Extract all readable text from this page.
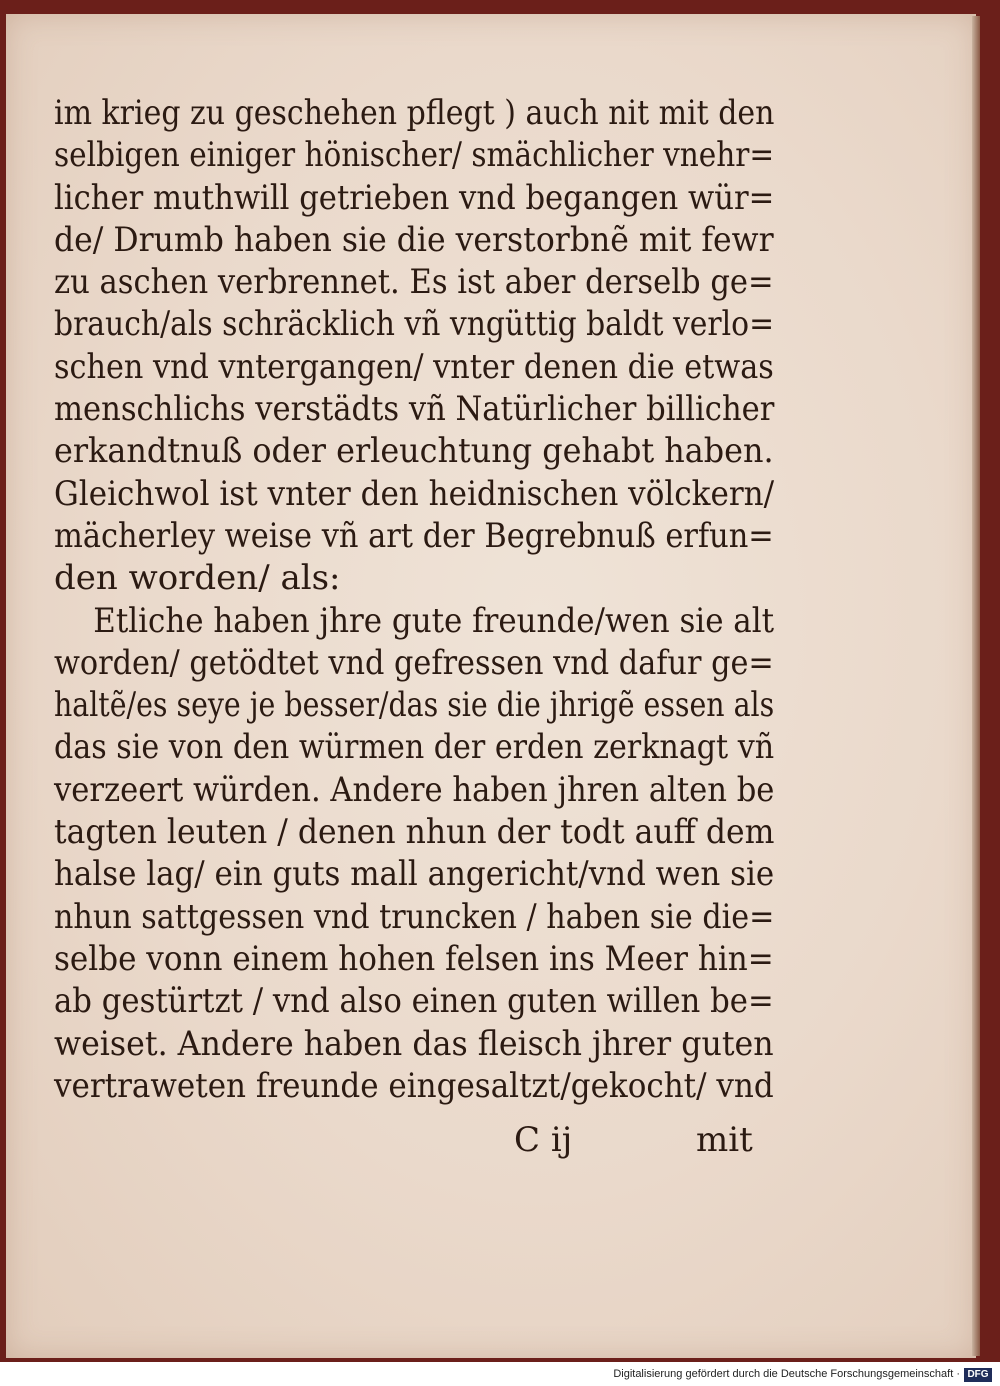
im krieg zu geschehen pflegt ) auch nit mit den
selbigen einiger hönischer/ smächlicher vnehr=
licher muthwill getrieben vnd begangen wür=
de/ Drumb haben sie die verstorbnẽ mit fewr
zu aschen verbrennet. Es ist aber derselb ge=
brauch/als schräcklich vñ vngüttig baldt verlo=
schen vnd vntergangen/ vnter denen die etwas
menschlichs verstädts vñ Natürlicher billicher
erkandtnuß oder erleuchtung gehabt haben.
Gleichwol ist vnter den heidnischen völckern/
mächerley weise vñ art der Begrebnuß erfun=
den worden/ als:
Etliche haben jhre gute freunde/wen sie alt
worden/ getödtet vnd gefressen vnd dafur ge=
haltẽ/es seye je besser/das sie die jhrigẽ essen als
das sie von den würmen der erden zerknagt vñ
verzeert würden. Andere haben jhren alten be
tagten leuten / denen nhun der todt auff dem
halse lag/ ein guts mall angericht/vnd wen sie
nhun sattgessen vnd truncken / haben sie die=
selbe vonn einem hohen felsen ins Meer hin=
ab gestürtzt / vnd also einen guten willen be=
weiset. Andere haben das fleisch jhrer guten
vertraweten freunde eingesaltzt/gekocht/ vnd
C ij	mit
Digitalisierung gefördert durch die Deutsche Forschungsgemeinschaft · DFG
